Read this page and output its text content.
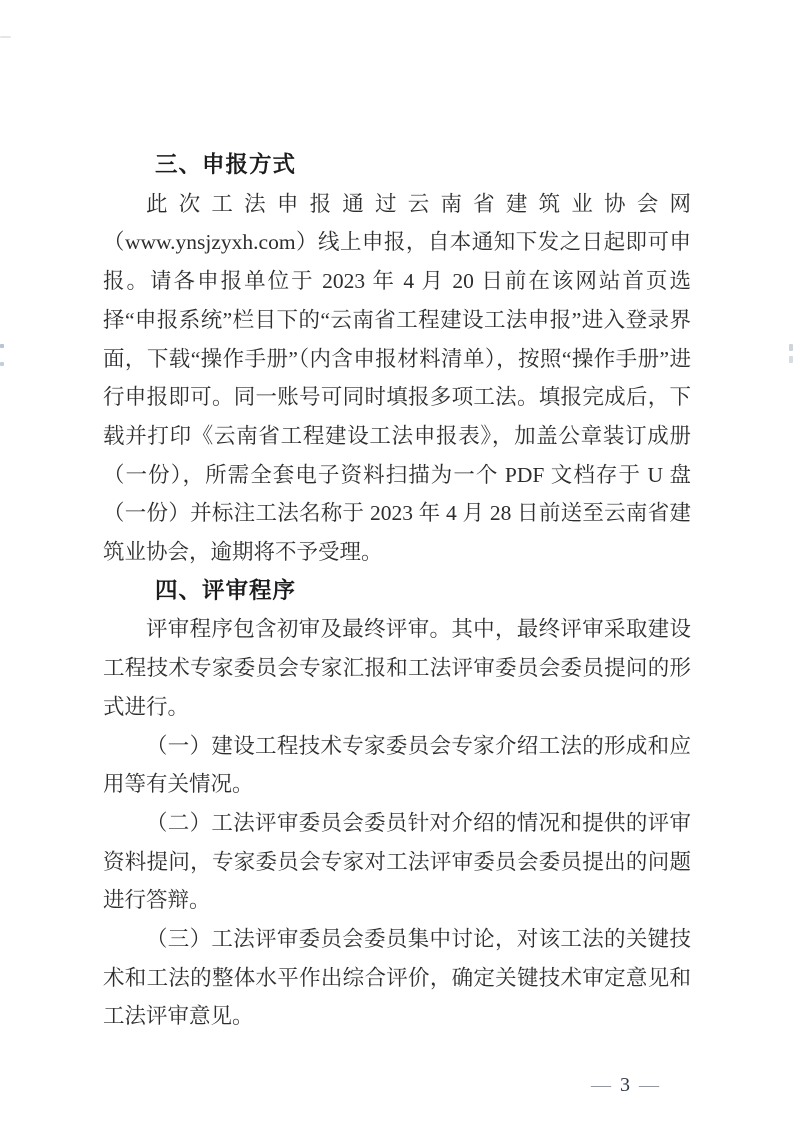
三、申报方式

此次工法申报通过云南省建筑业协会网（www.ynsjzyxh.com）线上申报，自本通知下发之日起即可申报。请各申报单位于 2023 年 4 月 20 日前在该网站首页选择“申报系统”栏目下的“云南省工程建设工法申报”进入登录界面，下载“操作手册”（内含申报材料清单），按照“操作手册”进行申报即可。同一账号可同时填报多项工法。填报完成后，下载并打印《云南省工程建设工法申报表》，加盖公章装订成册（一份），所需全套电子资料扫描为一个 PDF 文档存于 U 盘（一份）并标注工法名称于 2023 年 4 月 28 日前送至云南省建筑业协会，逾期将不予受理。

四、评审程序

评审程序包含初审及最终评审。其中，最终评审采取建设工程技术专家委员会专家汇报和工法评审委员会委员提问的形式进行。

（一）建设工程技术专家委员会专家介绍工法的形成和应用等有关情况。

（二）工法评审委员会委员针对介绍的情况和提供的评审资料提问，专家委员会专家对工法评审委员会委员提出的问题进行答辩。

（三）工法评审委员会委员集中讨论，对该工法的关键技术和工法的整体水平作出综合评价，确定关键技术审定意见和工法评审意见。

— 3 —
